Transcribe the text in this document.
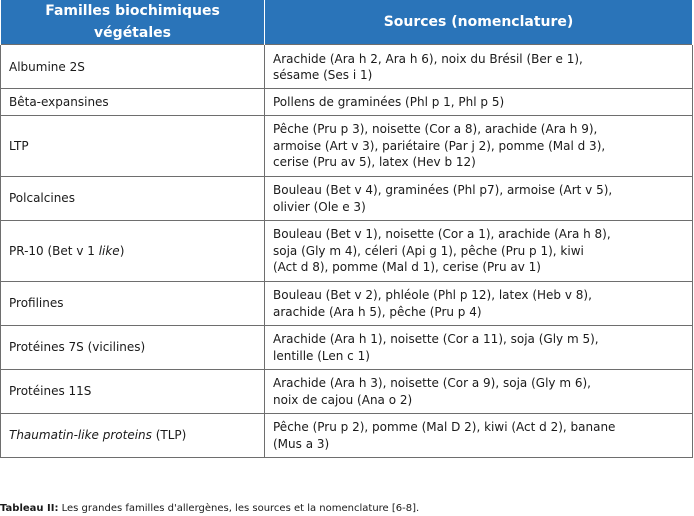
Familles biochimiques végétales	Sources (nomenclature)
Albumine 2S	Arachide (Ara h 2, Ara h 6), noix du Brésil (Ber e 1),
sésame (Ses i 1)
Bêta-expansines	Pollens de graminées (Phl p 1, Phl p 5)
LTP	Pêche (Pru p 3), noisette (Cor a 8), arachide (Ara h 9),
armoise (Art v 3), pariétaire (Par j 2), pomme (Mal d 3),
cerise (Pru av 5), latex (Hev b 12)
Polcalcines	Bouleau (Bet v 4), graminées (Phl p7), armoise (Art v 5),
olivier (Ole e 3)
PR-10 (Bet v 1 like)	Bouleau (Bet v 1), noisette (Cor a 1), arachide (Ara h 8),
soja (Gly m 4), céleri (Api g 1), pêche (Pru p 1), kiwi
(Act d 8), pomme (Mal d 1), cerise (Pru av 1)
Profilines	Bouleau (Bet v 2), phléole (Phl p 12), latex (Heb v 8),
arachide (Ara h 5), pêche (Pru p 4)
Protéines 7S (vicilines)	Arachide (Ara h 1), noisette (Cor a 11), soja (Gly m 5),
lentille (Len c 1)
Protéines 11S	Arachide (Ara h 3), noisette (Cor a 9), soja (Gly m 6),
noix de cajou (Ana o 2)
Thaumatin-like proteins (TLP)	Pêche (Pru p 2), pomme (Mal D 2), kiwi (Act d 2), banane
(Mus a 3)
Tableau II: Les grandes familles d'allergènes, les sources et la nomenclature [6-8].
